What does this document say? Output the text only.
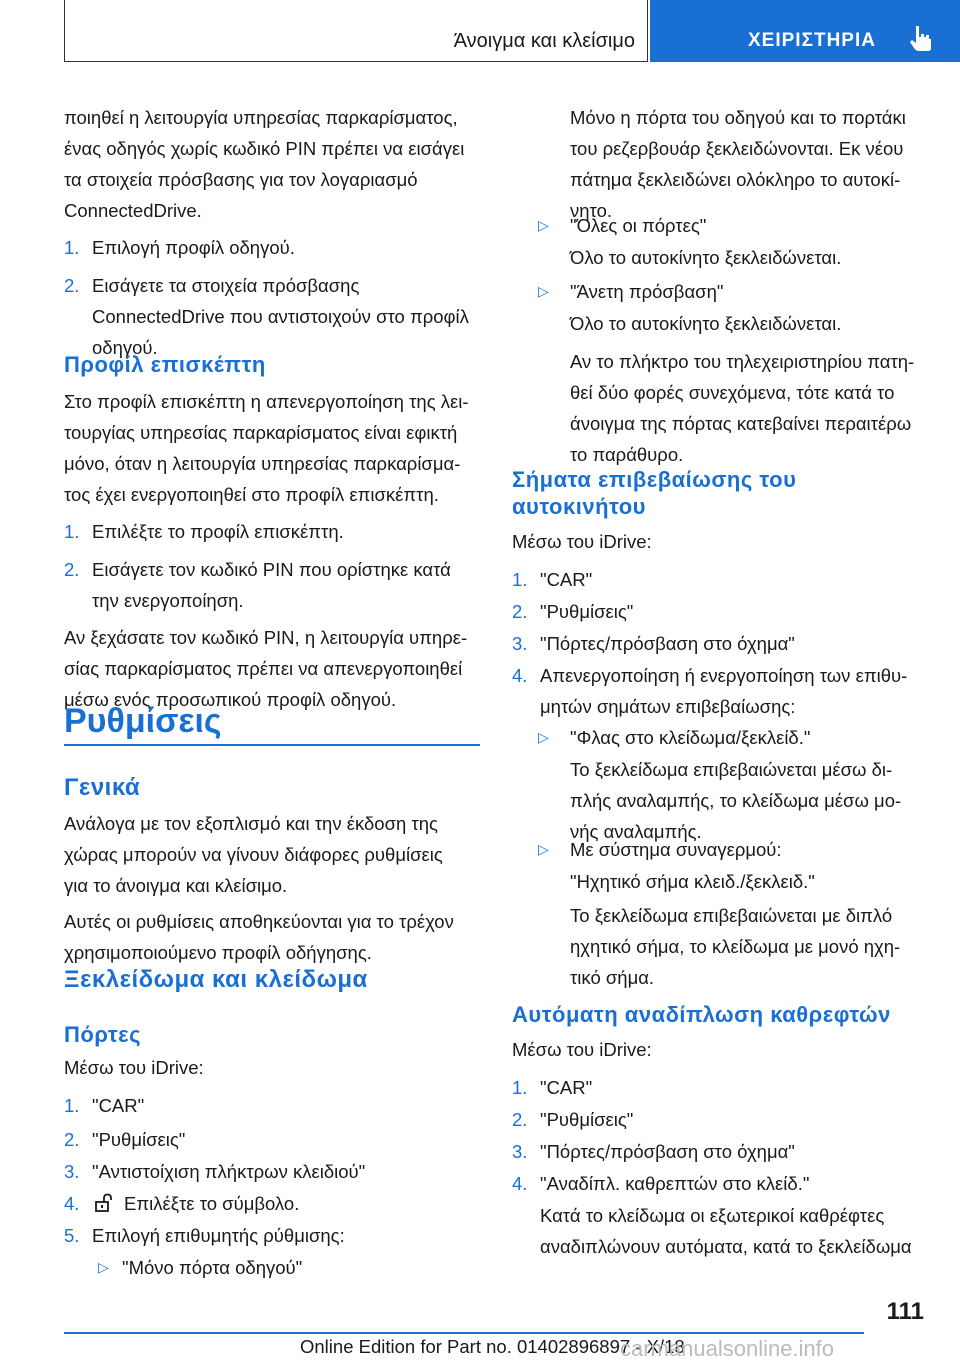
Άνοιγμα και κλείσιμο	ΧΕΙΡΙΣΤΗΡΙΑ
ποιηθεί η λειτουργία υπηρεσίας παρκαρίσματος,
ένας οδηγός χωρίς κωδικό PIN πρέπει να εισάγει
τα στοιχεία πρόσβασης για τον λογαριασμό
ConnectedDrive.
1. Επιλογή προφίλ οδηγού.
2. Εισάγετε τα στοιχεία πρόσβασης
ConnectedDrive που αντιστοιχούν στο προφίλ
οδηγού.
Προφίλ επισκέπτη
Στο προφίλ επισκέπτη η απενεργοποίηση της λει-
τουργίας υπηρεσίας παρκαρίσματος είναι εφικτή
μόνο, όταν η λειτουργία υπηρεσίας παρκαρίσμα-
τος έχει ενεργοποιηθεί στο προφίλ επισκέπτη.
1. Επιλέξτε το προφίλ επισκέπτη.
2. Εισάγετε τον κωδικό PIN που ορίστηκε κατά
την ενεργοποίηση.
Αν ξεχάσατε τον κωδικό PIN, η λειτουργία υπηρε-
σίας παρκαρίσματος πρέπει να απενεργοποιηθεί
μέσω ενός προσωπικού προφίλ οδηγού.
Ρυθμίσεις
Γενικά
Ανάλογα με τον εξοπλισμό και την έκδοση της
χώρας μπορούν να γίνουν διάφορες ρυθμίσεις
για το άνοιγμα και κλείσιμο.
Αυτές οι ρυθμίσεις αποθηκεύονται για το τρέχον
χρησιμοποιούμενο προφίλ οδήγησης.
Ξεκλείδωμα και κλείδωμα
Πόρτες
Μέσω του iDrive:
1. "CAR"
2. "Ρυθμίσεις"
3. "Αντιστοίχιση πλήκτρων κλειδιού"
4. Επιλέξτε το σύμβολο.
5. Επιλογή επιθυμητής ρύθμισης:
▷ "Μόνο πόρτα οδηγού"
Μόνο η πόρτα του οδηγού και το πορτάκι
του ρεζερβουάρ ξεκλειδώνονται. Εκ νέου
πάτημα ξεκλειδώνει ολόκληρο το αυτοκί-
νητο.
▷ "Όλες οι πόρτες"
Όλο το αυτοκίνητο ξεκλειδώνεται.
▷ "Άνετη πρόσβαση"
Όλο το αυτοκίνητο ξεκλειδώνεται.
Αν το πλήκτρο του τηλεχειριστηρίου πατη-
θεί δύο φορές συνεχόμενα, τότε κατά το
άνοιγμα της πόρτας κατεβαίνει περαιτέρω
το παράθυρο.
Σήματα επιβεβαίωσης του
αυτοκινήτου
Μέσω του iDrive:
1. "CAR"
2. "Ρυθμίσεις"
3. "Πόρτες/πρόσβαση στο όχημα"
4. Απενεργοποίηση ή ενεργοποίηση των επιθυ-
μητών σημάτων επιβεβαίωσης:
▷ "Φλας στο κλείδωμα/ξεκλείδ."
Το ξεκλείδωμα επιβεβαιώνεται μέσω δι-
πλής αναλαμπής, το κλείδωμα μέσω μο-
νής αναλαμπής.
▷ Με σύστημα συναγερμού:
"Ηχητικό σήμα κλειδ./ξεκλειδ."
Το ξεκλείδωμα επιβεβαιώνεται με διπλό
ηχητικό σήμα, το κλείδωμα με μονό ηχη-
τικό σήμα.
Αυτόματη αναδίπλωση καθρεφτών
Μέσω του iDrive:
1. "CAR"
2. "Ρυθμίσεις"
3. "Πόρτες/πρόσβαση στο όχημα"
4. "Αναδίπλ. καθρεπτών στο κλείδ."
Κατά το κλείδωμα οι εξωτερικοί καθρέφτες
αναδιπλώνουν αυτόματα, κατά το ξεκλείδωμα
111
Online Edition for Part no. 01402896897 - X/18
carmanualsonline.info
